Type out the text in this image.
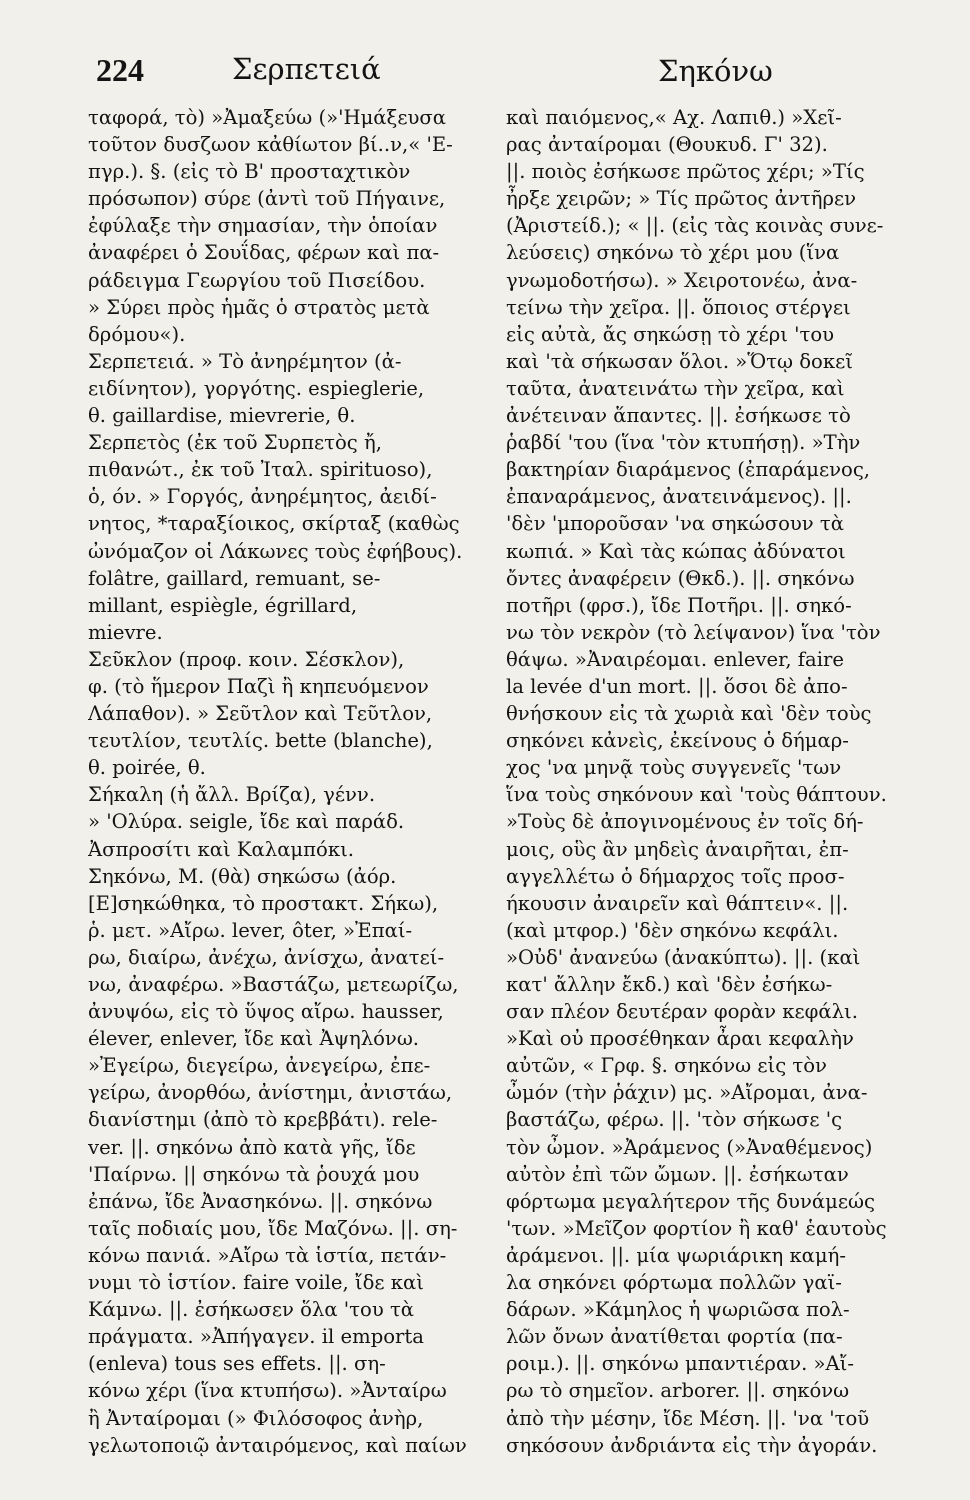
224	Σερπετειά	Σηκόνω
ταφορά, τὸ) »Ἀμαξεύω (»'Ημάξευσα
τοῦτον δυσζωον κἀθίωτον βί..ν,« 'Ε-
πγρ.). §. (εἰς τὸ Β' προσταχτικὸν
πρόσωπον) σύρε (ἀντὶ τοῦ Πήγαινε,
ἐφύλαξε τὴν σημασίαν, τὴν ὁποίαν
ἀναφέρει ὁ Σουΐδας, φέρων καὶ πα-
ράδειγμα Γεωργίου τοῦ Πισείδου.
» Σύρει πρὸς ἡμᾶς ὁ στρατὸς μετὰ
δρόμου«).
Σερπετειά. » Τὸ ἀνηρέμητον (ἀ-
ειδίνητον), γοργότης. espieglerie,
θ. gaillardise, mievrerie, θ.
Σερπετὸς (ἐκ τοῦ Συρπετὸς ἤ,
πιθανώτ., ἐκ τοῦ Ἰταλ. spirituoso),
ὁ, όν. » Γοργός, ἀνηρέμητος, ἀειδί-
νητος, *ταραξίοικος, σκίρταξ (καθὼς
ὠνόμαζον οἱ Λάκωνες τοὺς ἐφήβους).
folâtre, gaillard, remuant, se-
millant, espiègle, égrillard,
mievre.
Σεῦκλον (προφ. κοιν. Σέσκλον),
φ. (τὸ ἥμερον Παζὶ ἢ κηπευόμενον
Λάπαθον). » Σεῦτλον καὶ Τεῦτλον,
τευτλίον, τευτλίς. bette (blanche),
θ. poirée, θ.
Σήκαλη (ἡ ἄλλ. Βρίζα), γένν.
» 'Ολύρα. seigle, ἴδε καὶ παράδ.
Ἀσπροσίτι καὶ Καλαμπόκι.
Σηκόνω, Μ. (θὰ) σηκώσω (ἀόρ.
[Ε]σηκώθηκα, τὸ προστακτ. Σήκω),
ῥ. μετ. »Αἴρω. lever, ôter, »Ἐπαί-
ρω, διαίρω, ἀνέχω, ἀνίσχω, ἀνατεί-
νω, ἀναφέρω. »Βαστάζω, μετεωρίζω,
ἀνυψόω, εἰς τὸ ὕψος αἴρω. hausser,
élever, enlever, ἴδε καὶ Ἀψηλόνω.
»Ἐγείρω, διεγείρω, ἀνεγείρω, ἐπε-
γείρω, ἀνορθόω, ἀνίστημι, ἀνιστάω,
διανίστημι (ἀπὸ τὸ κρεββάτι). rele-
ver. ||. σηκόνω ἀπὸ κατὰ γῆς, ἴδε
'Παίρνω. || σηκόνω τὰ ῥουχά μου
ἐπάνω, ἴδε Ἀνασηκόνω. ||. σηκόνω
ταῖς ποδιαίς μου, ἴδε Μαζόνω. ||. ση-
κόνω πανιά. »Αἴρω τὰ ἱστία, πετάν-
νυμι τὸ ἱστίον. faire voile, ἴδε καὶ
Κάμνω. ||. ἐσήκωσεν ὅλα 'του τὰ
πράγματα. »Ἀπήγαγεν. il emporta
(enleva) tous ses effets. ||. ση-
κόνω χέρι (ἵνα κτυπήσω). »Ἀνταίρω
ἢ Ἀνταίρομαι (» Φιλόσοφος ἀνὴρ,
γελωτοποιῷ ἀνταιρόμενος, καὶ παίων
καὶ παιόμενος,« Αχ. Λαπιθ.) »Χεῖ-
ρας ἀνταίρομαι (Θουκυδ. Γ' 32).
||. ποιὸς ἐσήκωσε πρῶτος χέρι; »Τίς
ἦρξε χειρῶν; » Τίς πρῶτος ἀντῆρεν
(Ἀριστείδ.); « ||. (εἰς τὰς κοινὰς συνε-
λεύσεις) σηκόνω τὸ χέρι μου (ἵνα
γνωμοδοτήσω). » Χειροτονέω, ἀνα-
τείνω τὴν χεῖρα. ||. ὅποιος στέργει
εἰς αὐτὰ, ἄς σηκώσῃ τὸ χέρι 'του
καὶ 'τὰ σήκωσαν ὅλοι. »Ὅτῳ δοκεῖ
ταῦτα, ἀνατεινάτω τὴν χεῖρα, καὶ
ἀνέτειναν ἅπαντες. ||. ἐσήκωσε τὸ
ῥαβδί 'του (ἵνα 'τὸν κτυπήσῃ). »Τὴν
βακτηρίαν διαράμενος (ἐπαράμενος,
ἐπαναράμενος, ἀνατεινάμενος). ||.
'δὲν 'μποροῦσαν 'να σηκώσουν τὰ
κωπιά. » Καὶ τὰς κώπας ἀδύνατοι
ὄντες ἀναφέρειν (Θκδ.). ||. σηκόνω
ποτῆρι (φρσ.), ἴδε Ποτῆρι. ||. σηκό-
νω τὸν νεκρὸν (τὸ λείψανον) ἵνα 'τὸν
θάψω. »Ἀναιρέομαι. enlever, faire
la levée d'un mort. ||. ὅσοι δὲ ἀπο-
θνήσκουν εἰς τὰ χωριὰ καὶ 'δὲν τοὺς
σηκόνει κἀνεὶς, ἐκείνους ὁ δήμαρ-
χος 'να μηνᾷ τοὺς συγγενεῖς 'των
ἵνα τοὺς σηκόνουν καὶ 'τοὺς θάπτουν.
»Τοὺς δὲ ἀπογινομένους ἐν τοῖς δή-
μοις, οὓς ἂν μηδεὶς ἀναιρῆται, ἐπ-
αγγελλέτω ὁ δήμαρχος τοῖς προσ-
ήκουσιν ἀναιρεῖν καὶ θάπτειν«. ||.
(καὶ μτφορ.) 'δὲν σηκόνω κεφάλι.
»Οὐδ' ἀνανεύω (ἀνακύπτω). ||. (καὶ
κατ' ἄλλην ἔκδ.) καὶ 'δὲν ἐσήκω-
σαν πλέον δευτέραν φορὰν κεφάλι.
»Καὶ οὐ προσέθηκαν ἆραι κεφαλὴν
αὐτῶν, « Γρφ. §. σηκόνω εἰς τὸν
ὦμόν (τὴν ῥάχιν) μς. »Αἴρομαι, ἀνα-
βαστάζω, φέρω. ||. 'τὸν σήκωσε 'ς
τὸν ὦμον. »Ἀράμενος (»Ἀναθέμενος)
αὐτὸν ἐπὶ τῶν ὤμων. ||. ἐσήκωταν
φόρτωμα μεγαλήτερον τῆς δυνάμεώς
'των. »Μεῖζον φορτίον ἢ καθ' ἑαυτοὺς
ἀράμενοι. ||. μία ψωριάρικη καμή-
λα σηκόνει φόρτωμα πολλῶν γαϊ-
δάρων. »Κάμηλος ἡ ψωριῶσα πολ-
λῶν ὄνων ἀνατίθεται φορτία (πα-
ροιμ.). ||. σηκόνω μπαντιέραν. »Αἴ-
ρω τὸ σημεῖον. arborer. ||. σηκόνω
ἀπὸ τὴν μέσην, ἴδε Μέση. ||. 'να 'τοῦ
σηκόσουν ἀνδριάντα εἰς τὴν ἀγοράν.
